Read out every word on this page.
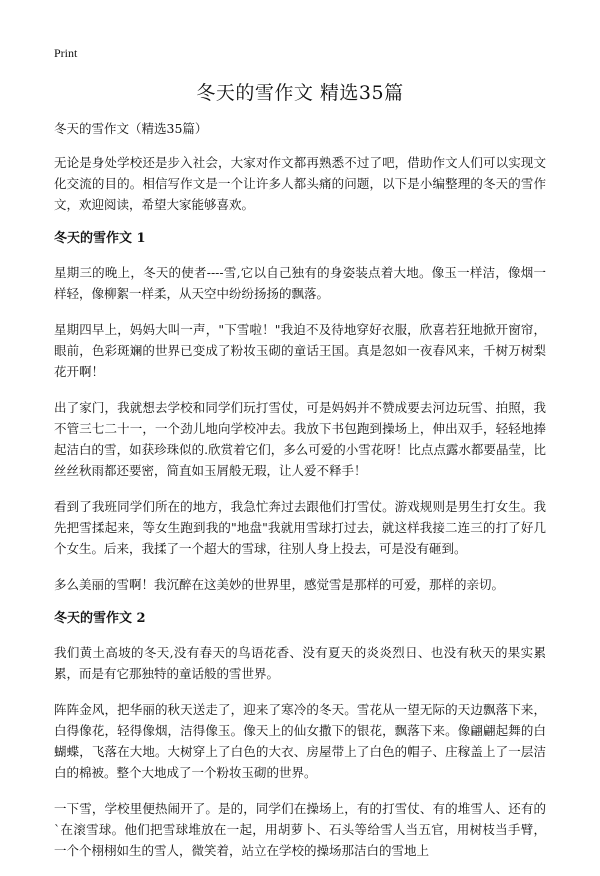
Print
冬天的雪作文 精选35篇
冬天的雪作文（精选35篇）

无论是身处学校还是步入社会，大家对作文都再熟悉不过了吧，借助作文人们可以实现文化交流的目的。相信写作文是一个让许多人都头痛的问题，以下是小编整理的冬天的雪作文，欢迎阅读，希望大家能够喜欢。

冬天的雪作文 1

星期三的晚上，冬天的使者----雪,它以自己独有的身姿装点着大地。像玉一样洁，像烟一样轻，像柳絮一样柔，从天空中纷纷扬扬的飘落。

星期四早上，妈妈大叫一声，"下雪啦！"我迫不及待地穿好衣服，欣喜若狂地掀开窗帘，眼前，色彩斑斓的世界已变成了粉妆玉砌的童话王国。真是忽如一夜春风来，千树万树梨花开啊！

出了家门，我就想去学校和同学们玩打雪仗，可是妈妈并不赞成要去河边玩雪、拍照，我不管三七二十一，一个劲儿地向学校冲去。我放下书包跑到操场上，伸出双手，轻轻地捧起洁白的雪，如获珍珠似的.欣赏着它们，多么可爱的小雪花呀！比点点露水都要晶莹，比丝丝秋雨都还要密，简直如玉屑般无瑕，让人爱不释手！

看到了我班同学们所在的地方，我急忙奔过去跟他们打雪仗。游戏规则是男生打女生。我先把雪揉起来，等女生跑到我的"地盘"我就用雪球打过去，就这样我接二连三的打了好几个女生。后来，我揉了一个超大的雪球，往别人身上投去，可是没有砸到。

多么美丽的雪啊！我沉醉在这美妙的世界里，感觉雪是那样的可爱，那样的亲切。

冬天的雪作文 2

我们黄土高坡的冬天,没有春天的鸟语花香、没有夏天的炎炎烈日、也没有秋天的果实累累，而是有它那独特的童话般的雪世界。

阵阵金风，把华丽的秋天送走了，迎来了寒冷的冬天。雪花从一望无际的天边飘落下来，白得像花，轻得像烟，洁得像玉。像天上的仙女撒下的银花，飘落下来。像翩翩起舞的白蝴蝶，飞落在大地。大树穿上了白色的大衣、房屋带上了白色的帽子、庄稼盖上了一层洁白的棉被。整个大地成了一个粉妆玉砌的世界。

一下雪，学校里便热闹开了。是的，同学们在操场上，有的打雪仗、有的堆雪人、还有的`在滚雪球。他们把雪球堆放在一起，用胡萝卜、石头等给雪人当五官，用树枝当手臂，一个个栩栩如生的雪人，微笑着，站立在学校的操场那洁白的雪地上
